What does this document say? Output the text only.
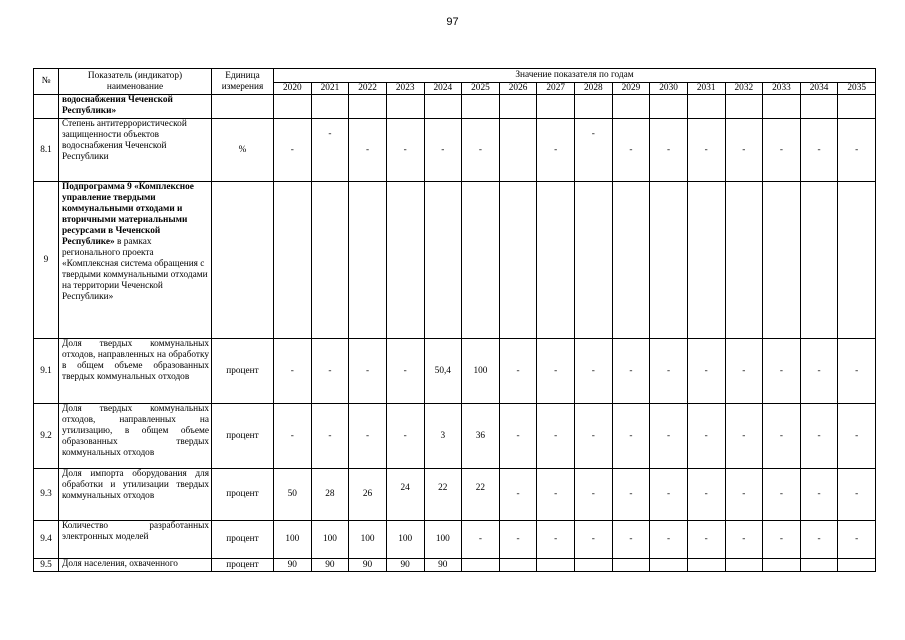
97
№	Показатель (индикатор) наименование	Единица измерения	Значение показателя по годам															
			2020	2021	2022	2023	2024	2025	2026	2027	2028	2029	2030	2031	2032	2033	2034	2035
	водоснабжения Чеченской Республики»																	
8.1	Степень антитеррористической защищенности объектов водоснабжения Чеченской Республики	%	-	-	-	-	-	-		-	-	-	-	-	-	-	-	-
9	Подпрограмма 9 «Комплексное управление твердыми коммунальными отходами и вторичными материальными ресурсами в Чеченской Республике» в рамках регионального проекта «Комплексная система обращения с твердыми коммунальными отходами на территории Чеченской Республики»																	
9.1	Доля твердых коммунальных отходов, направленных на обработку в общем объеме образованных твердых коммунальных отходов	процент	-	-	-	-	50,4	100	-	-	-	-	-	-	-	-	-	-
9.2	Доля твердых коммунальных отходов, направленных на утилизацию, в общем объеме образованных твердых коммунальных отходов	процент	-	-	-	-	3	36	-	-	-	-	-	-	-	-	-	-
9.3	Доля импорта оборудования для обработки и утилизации твердых коммунальных отходов	процент	50	28	26	24	22	22	-	-	-	-	-	-	-	-	-	-
9.4	Количество разработанных электронных моделей	процент	100	100	100	100	100	-	-	-	-	-	-	-	-	-	-	-
9.5	Доля населения, охваченного	процент	90	90	90	90	90											
